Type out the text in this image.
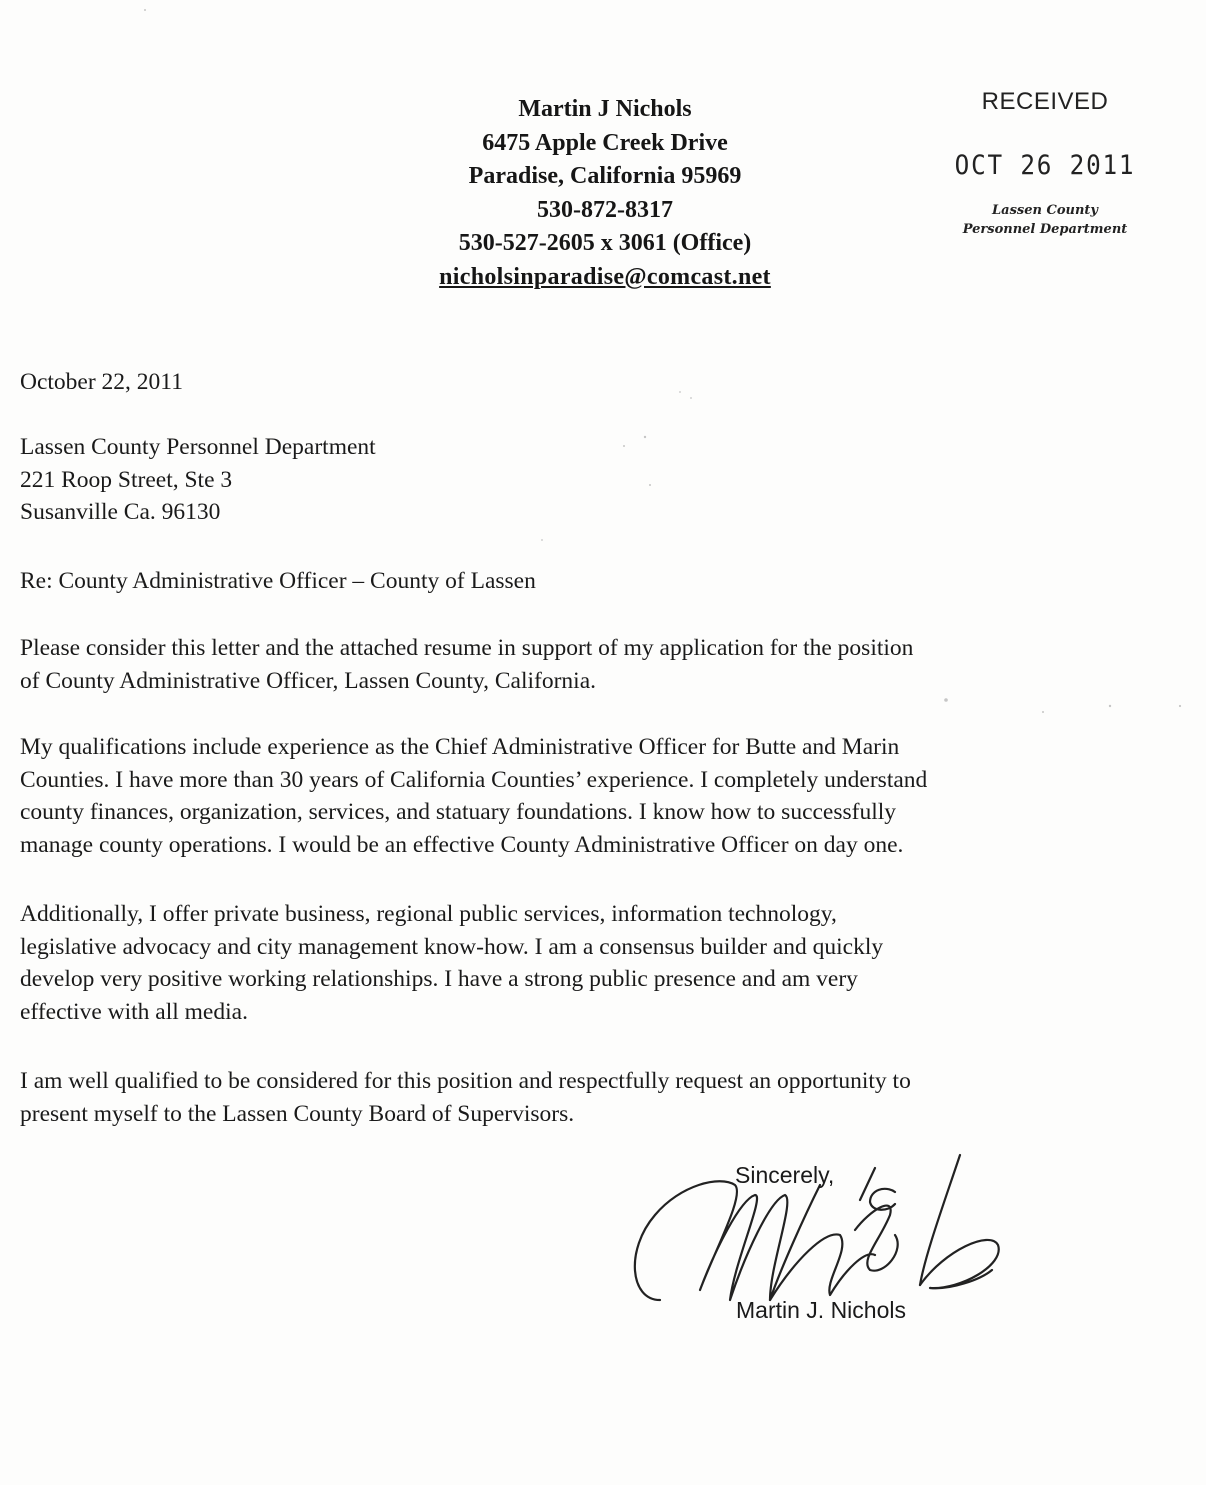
Martin J Nichols
6475 Apple Creek Drive
Paradise, California 95969
530-872-8317
530-527-2605 x 3061 (Office)
nicholsinparadise@comcast.net
RECEIVED
OCT 26 2011
Lassen County
Personnel Department
October 22, 2011
Lassen County Personnel Department
221 Roop Street, Ste 3
Susanville Ca. 96130
Re: County Administrative Officer – County of Lassen
Please consider this letter and the attached resume in support of my application for the position
of County Administrative Officer, Lassen County, California.
My qualifications include experience as the Chief Administrative Officer for Butte and Marin
Counties. I have more than 30 years of California Counties’ experience. I completely understand
county finances, organization, services, and statuary foundations. I know how to successfully
manage county operations. I would be an effective County Administrative Officer on day one.
Additionally, I offer private business, regional public services, information technology,
legislative advocacy and city management know-how. I am a consensus builder and quickly
develop very positive working relationships. I have a strong public presence and am very
effective with all media.
I am well qualified to be considered for this position and respectfully request an opportunity to
present myself to the Lassen County Board of Supervisors.
Sincerely,
Martin J. Nichols
